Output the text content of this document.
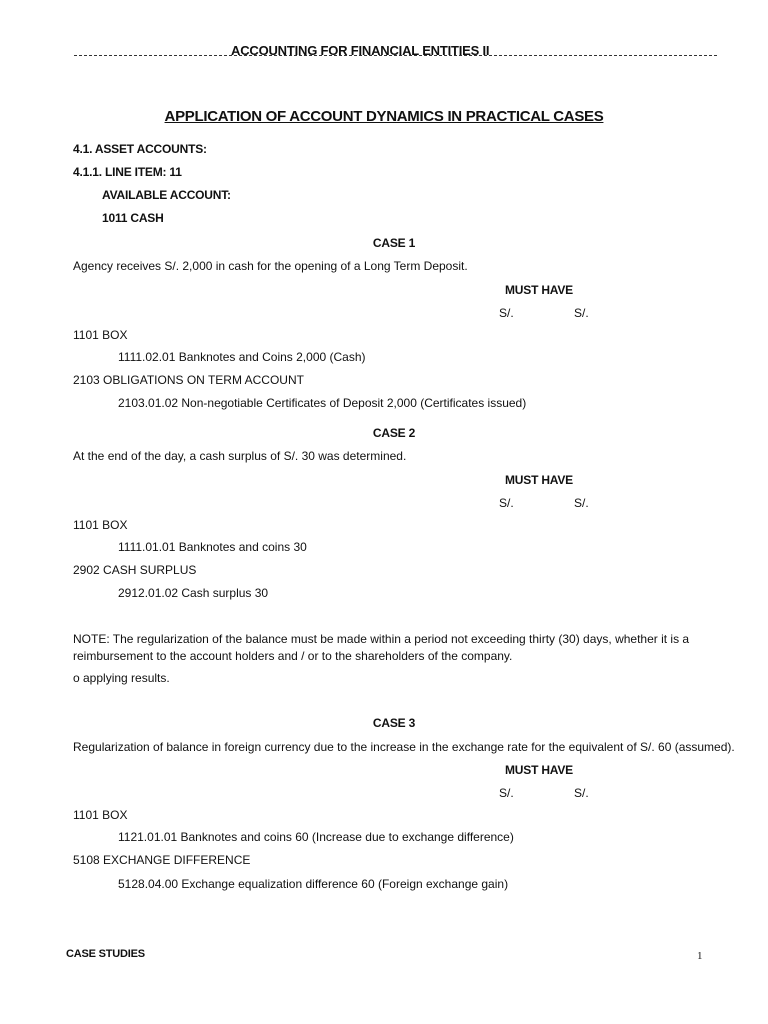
ACCOUNTING FOR FINANCIAL ENTITIES II
APPLICATION OF ACCOUNT DYNAMICS IN PRACTICAL CASES
4.1. ASSET ACCOUNTS:
4.1.1. LINE ITEM: 11
AVAILABLE ACCOUNT:
1011 CASH
CASE 1
Agency receives S/. 2,000 in cash for the opening of a Long Term Deposit.
MUST HAVE
S/.	S/.
1101 BOX
1111.02.01 Banknotes and Coins 2,000 (Cash)
2103 OBLIGATIONS ON TERM ACCOUNT
2103.01.02 Non-negotiable Certificates of Deposit 2,000 (Certificates issued)
CASE 2
At the end of the day, a cash surplus of S/. 30 was determined.
MUST HAVE
S/.	S/.
1101 BOX
1111.01.01 Banknotes and coins 30
2902 CASH SURPLUS
2912.01.02 Cash surplus 30
NOTE: The regularization of the balance must be made within a period not exceeding thirty (30) days, whether it is a reimbursement to the account holders and / or to the shareholders of the company.
o applying results.
CASE 3
Regularization of balance in foreign currency due to the increase in the exchange rate for the equivalent of S/. 60 (assumed).
MUST HAVE
S/.	S/.
1101 BOX
1121.01.01 Banknotes and coins 60 (Increase due to exchange difference)
5108 EXCHANGE DIFFERENCE
5128.04.00 Exchange equalization difference 60 (Foreign exchange gain)
CASE STUDIES	1
